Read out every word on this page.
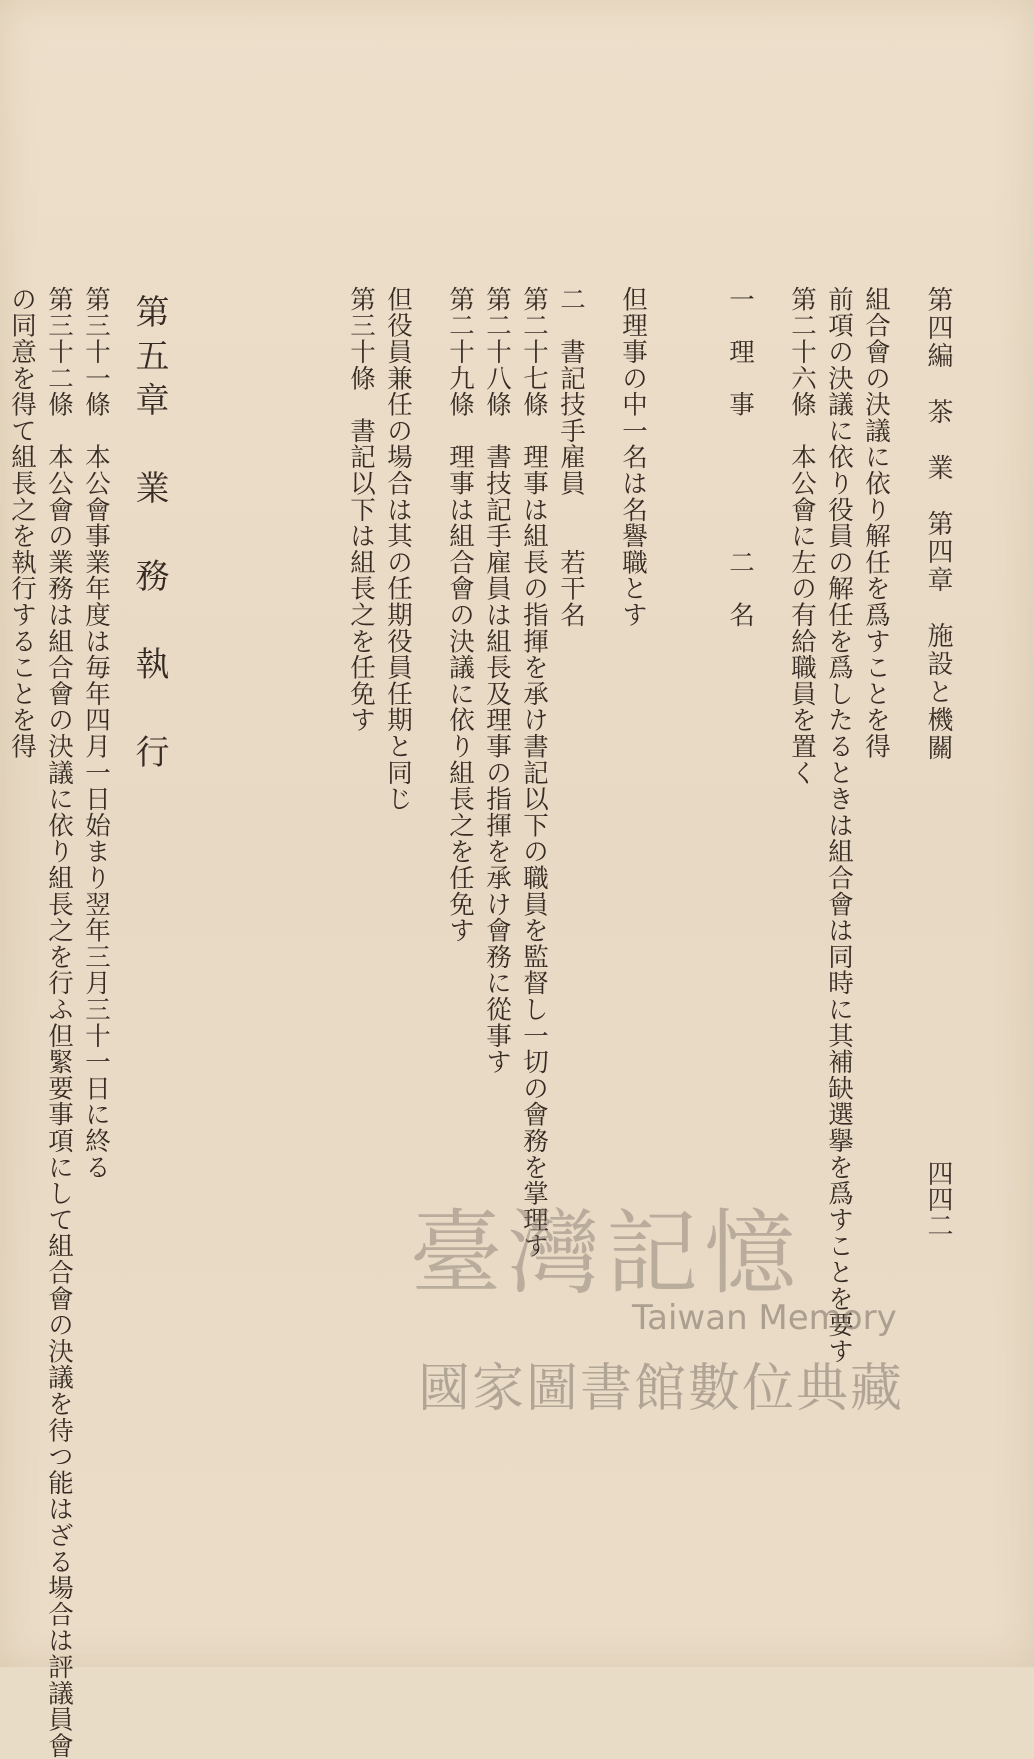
第四編　茶　業　第四章　施設と機關
四四二
組合會の決議に依り解任を爲すことを得
前項の決議に依り役員の解任を爲したるときは組合會は同時に其補缺選擧を爲すことを要す
第二十六條　本公會に左の有給職員を置く
一　理　事　　　　　二　名
但理事の中一名は名譽職とす
二　書記技手雇員　　若干名
第二十七條　理事は組長の指揮を承け書記以下の職員を監督し一切の會務を掌理す
第二十八條　書技記手雇員は組長及理事の指揮を承け會務に從事す
第二十九條　理事は組合會の決議に依り組長之を任免す
但役員兼任の場合は其の任期役員任期と同じ
第三十條　書記以下は組長之を任免す
第五章　業　務　執　行
第三十一條　本公會事業年度は毎年四月一日始まり翌年三月三十一日に終る
第三十二條　本公會の業務は組合會の決議に依り組長之を行ふ但緊要事項にして組合會の決議を待つ能はざる場合は評議員會
の同意を得て組長之を執行することを得
臺灣記憶
Taiwan Memory
國家圖書館數位典藏
